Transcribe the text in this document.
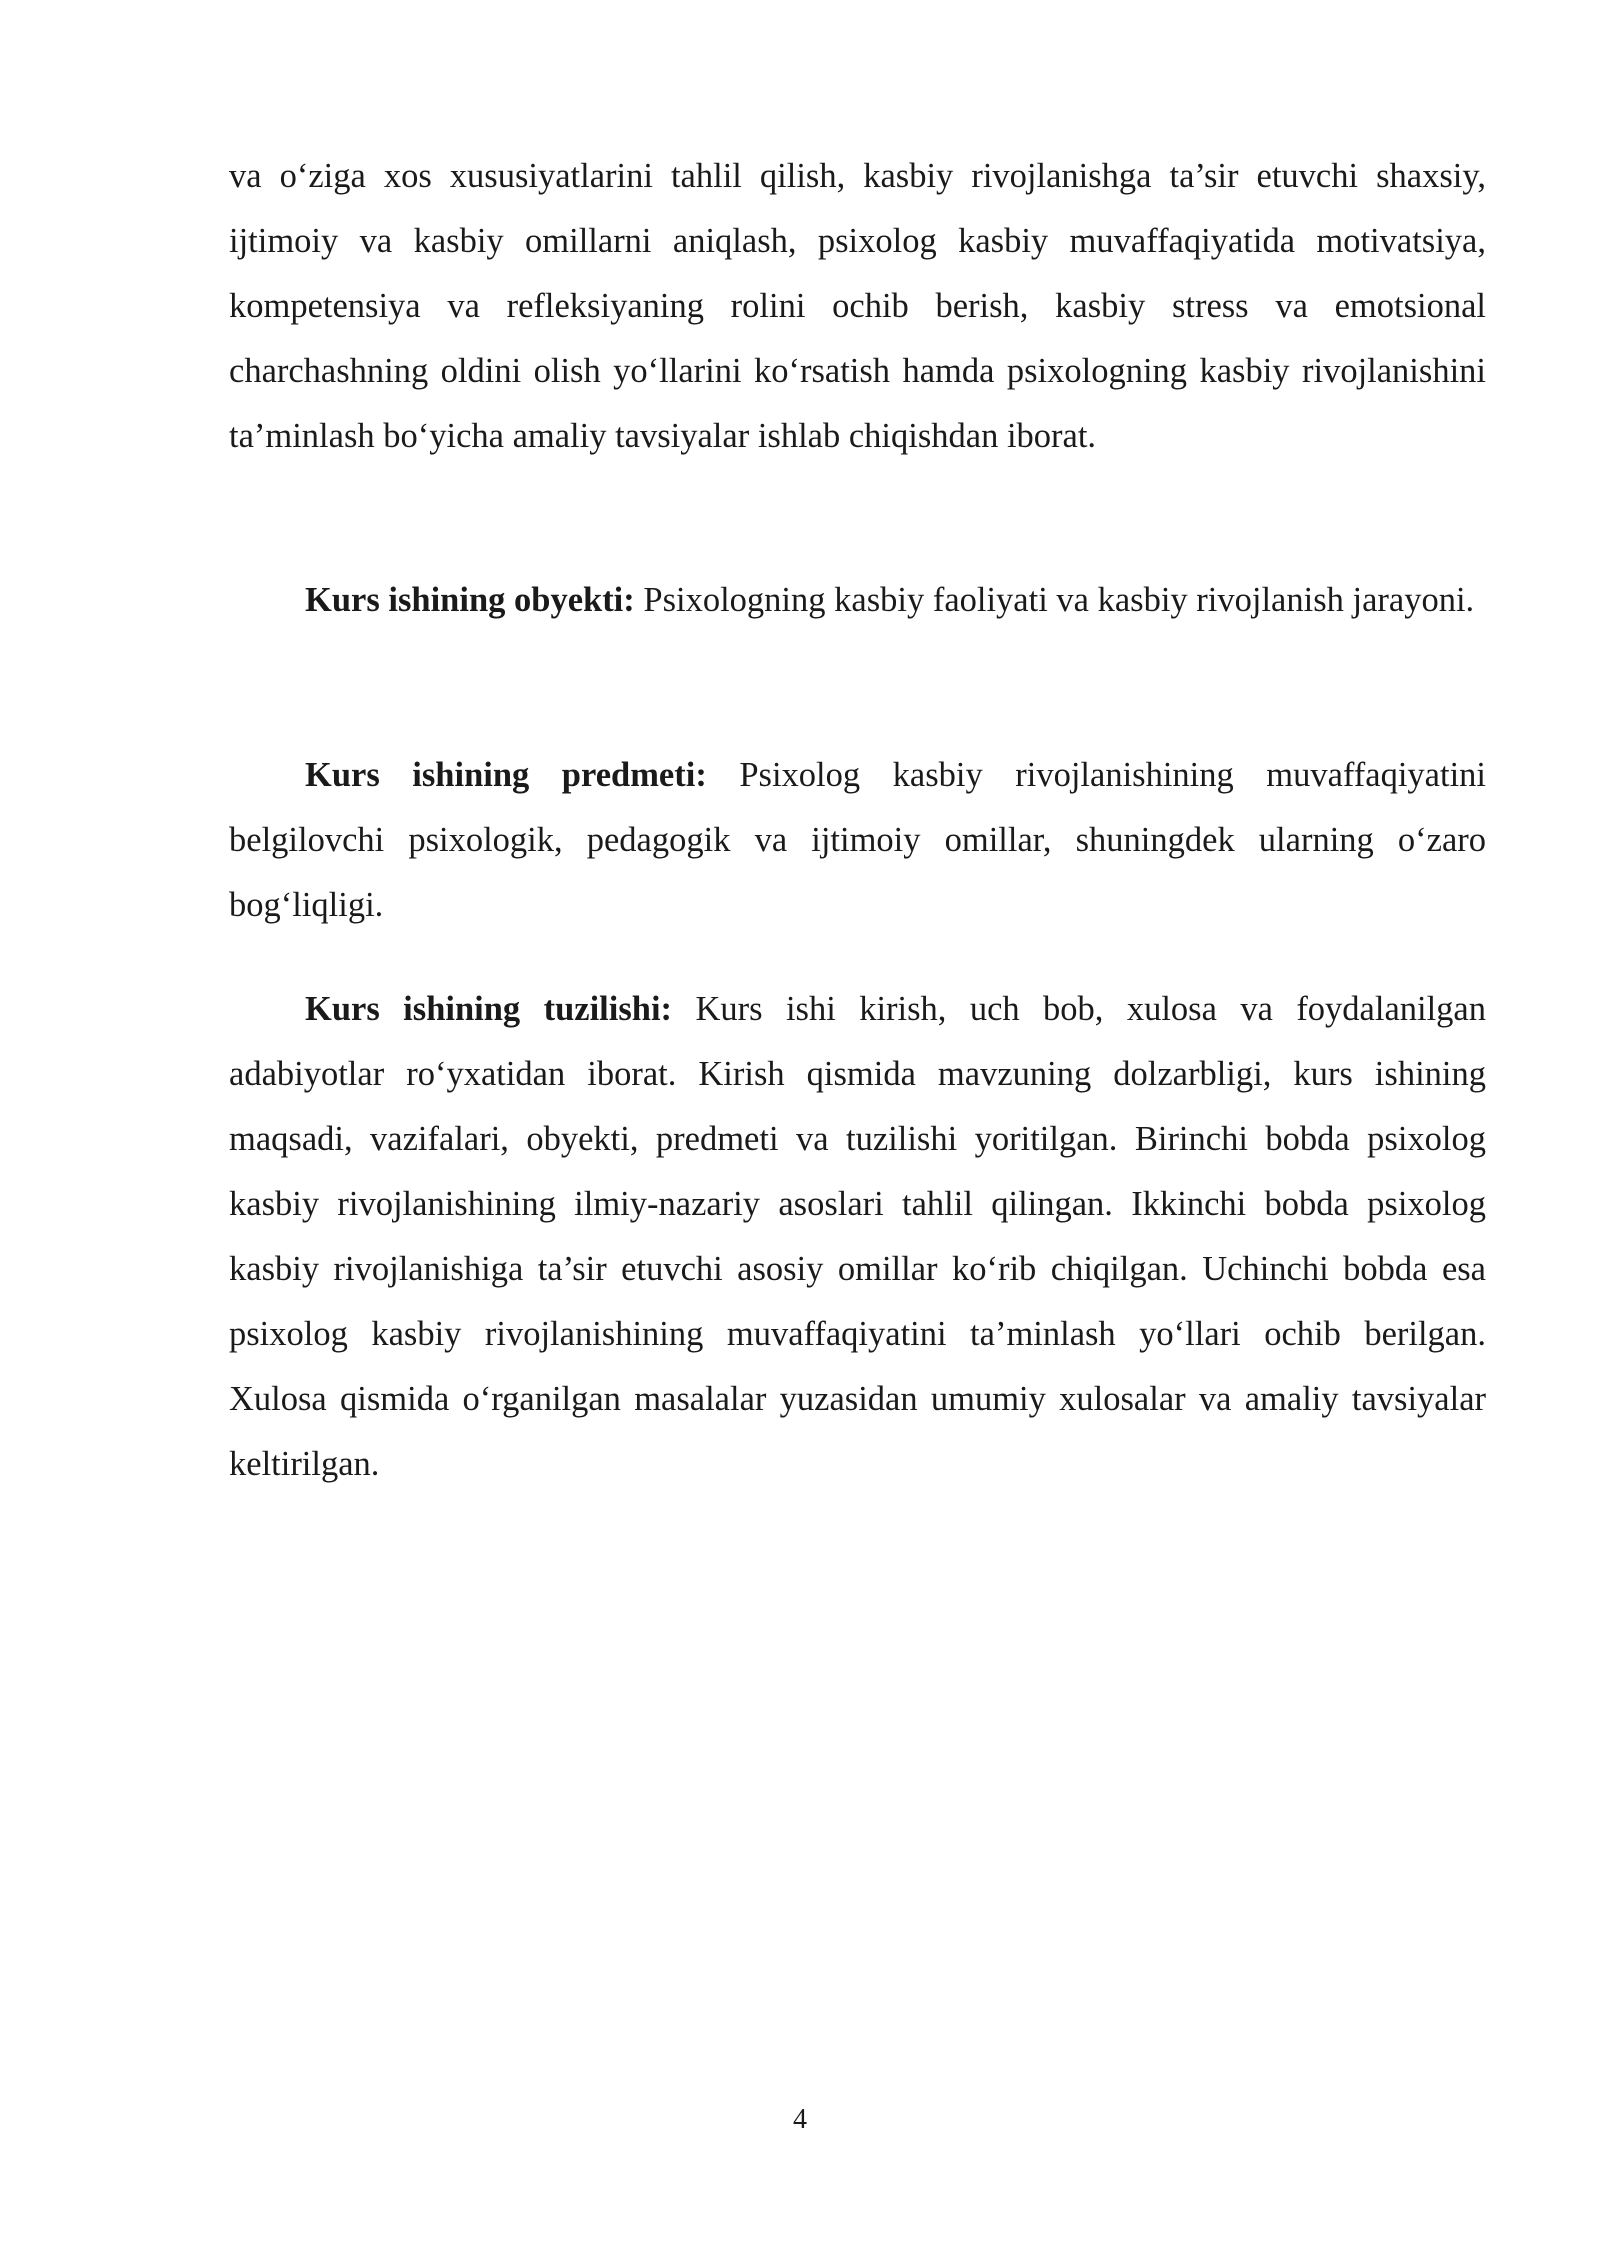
va o‘ziga xos xususiyatlarini tahlil qilish, kasbiy rivojlanishga ta’sir etuvchi shaxsiy, ijtimoiy va kasbiy omillarni aniqlash, psixolog kasbiy muvaffaqiyatida motivatsiya, kompetensiya va refleksiyaning rolini ochib berish, kasbiy stress va emotsional charchashning oldini olish yo‘llarini ko‘rsatish hamda psixologning kasbiy rivojlanishini ta’minlash bo‘yicha amaliy tavsiyalar ishlab chiqishdan iborat.

Kurs ishining obyekti: Psixologning kasbiy faoliyati va kasbiy rivojlanish jarayoni.

Kurs ishining predmeti: Psixolog kasbiy rivojlanishining muvaffaqiyatini belgilovchi psixologik, pedagogik va ijtimoiy omillar, shuningdek ularning o‘zaro bog‘liqligi.

Kurs ishining tuzilishi: Kurs ishi kirish, uch bob, xulosa va foydalanilgan adabiyotlar ro‘yxatidan iborat. Kirish qismida mavzuning dolzarbligi, kurs ishining maqsadi, vazifalari, obyekti, predmeti va tuzilishi yoritilgan. Birinchi bobda psixolog kasbiy rivojlanishining ilmiy-nazariy asoslari tahlil qilingan. Ikkinchi bobda psixolog kasbiy rivojlanishiga ta’sir etuvchi asosiy omillar ko‘rib chiqilgan. Uchinchi bobda esa psixolog kasbiy rivojlanishining muvaffaqiyatini ta’minlash yo‘llari ochib berilgan. Xulosa qismida o‘rganilgan masalalar yuzasidan umumiy xulosalar va amaliy tavsiyalar keltirilgan.

4
